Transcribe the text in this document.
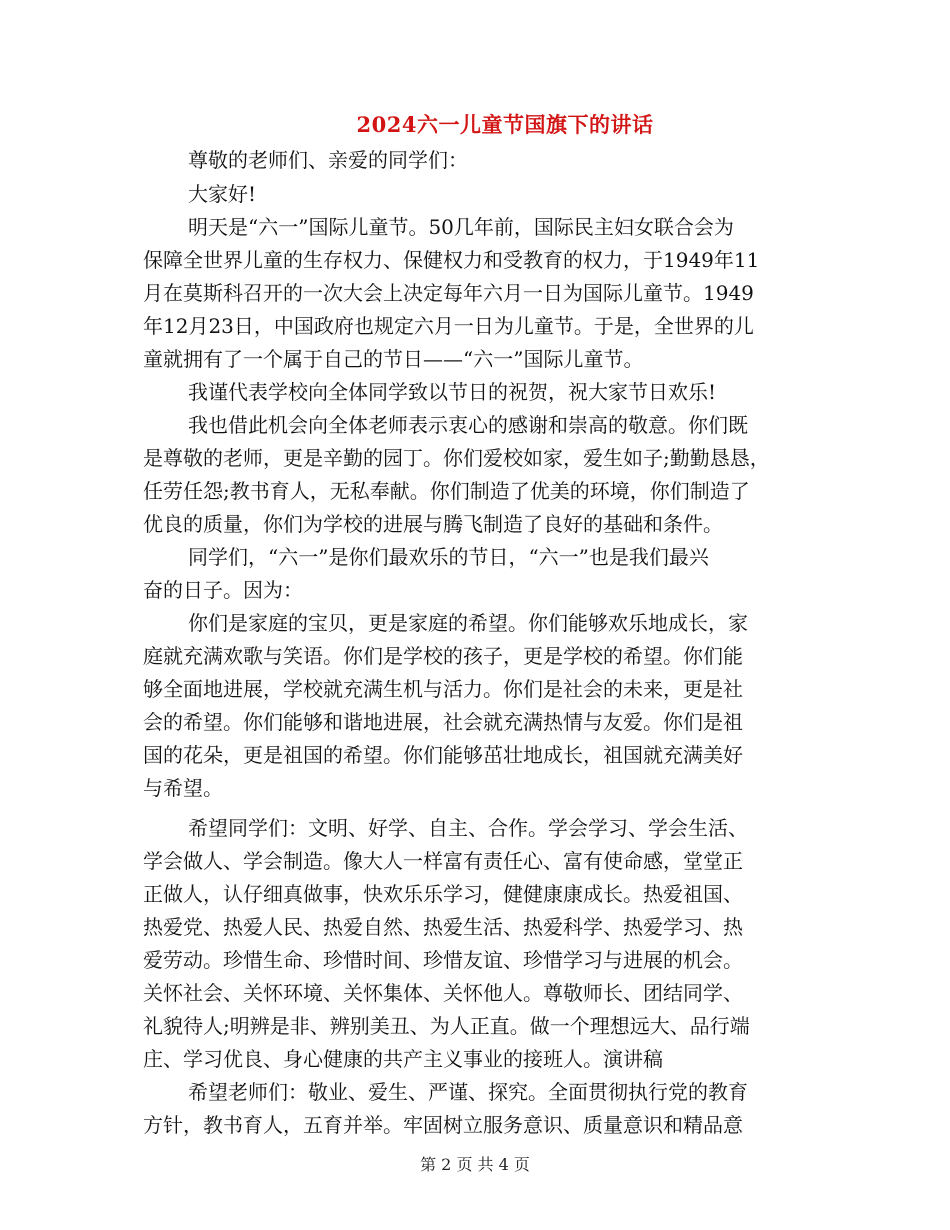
2024六一儿童节国旗下的讲话
尊敬的老师们、亲爱的同学们：
大家好!
明天是“六一”国际儿童节。50几年前，国际民主妇女联合会为
保障全世界儿童的生存权力、保健权力和受教育的权力，于1949年11
月在莫斯科召开的一次大会上决定每年六月一日为国际儿童节。1949
年12月23日，中国政府也规定六月一日为儿童节。于是，全世界的儿
童就拥有了一个属于自己的节日——“六一”国际儿童节。
我谨代表学校向全体同学致以节日的祝贺，祝大家节日欢乐!
我也借此机会向全体老师表示衷心的感谢和崇高的敬意。你们既
是尊敬的老师，更是辛勤的园丁。你们爱校如家，爱生如子;勤勤恳恳，
任劳任怨;教书育人，无私奉献。你们制造了优美的环境，你们制造了
优良的质量，你们为学校的进展与腾飞制造了良好的基础和条件。
同学们，“六一”是你们最欢乐的节日，“六一”也是我们最兴
奋的日子。因为：
你们是家庭的宝贝，更是家庭的希望。你们能够欢乐地成长，家
庭就充满欢歌与笑语。你们是学校的孩子，更是学校的希望。你们能
够全面地进展，学校就充满生机与活力。你们是社会的未来，更是社
会的希望。你们能够和谐地进展，社会就充满热情与友爱。你们是祖
国的花朵，更是祖国的希望。你们能够茁壮地成长，祖国就充满美好
与希望。
希望同学们：文明、好学、自主、合作。学会学习、学会生活、
学会做人、学会制造。像大人一样富有责任心、富有使命感，堂堂正
正做人，认仔细真做事，快欢乐乐学习，健健康康成长。热爱祖国、
热爱党、热爱人民、热爱自然、热爱生活、热爱科学、热爱学习、热
爱劳动。珍惜生命、珍惜时间、珍惜友谊、珍惜学习与进展的机会。
关怀社会、关怀环境、关怀集体、关怀他人。尊敬师长、团结同学、
礼貌待人;明辨是非、辨别美丑、为人正直。做一个理想远大、品行端
庄、学习优良、身心健康的共产主义事业的接班人。演讲稿
希望老师们：敬业、爱生、严谨、探究。全面贯彻执行党的教育
方针，教书育人，五育并举。牢固树立服务意识、质量意识和精品意
第 2 页 共 4 页
